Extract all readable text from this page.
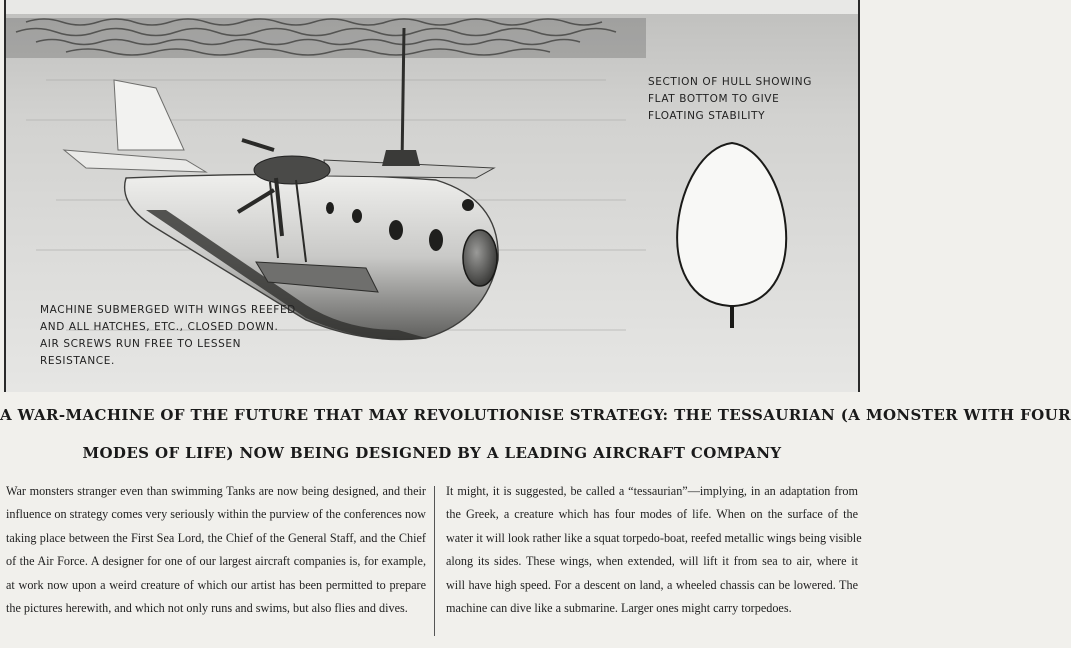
SECTION OF HULL SHOWING
FLAT BOTTOM TO GIVE
FLOATING STABILITY
MACHINE SUBMERGED WITH WINGS REEFED
AND ALL HATCHES, ETC., CLOSED DOWN.
AIR SCREWS RUN FREE TO LESSEN
RESISTANCE.
A WAR-MACHINE OF THE FUTURE THAT MAY REVOLUTIONISE STRATEGY: THE TESSAURIAN (A MONSTER WITH FOUR
MODES OF LIFE) NOW BEING DESIGNED BY A LEADING AIRCRAFT COMPANY
War monsters stranger even than swimming Tanks are now being designed, and their
influence on strategy comes very seriously within the purview of the conferences now
taking place between the First Sea Lord, the Chief of the General Staff, and the Chief
of the Air Force. A designer for one of our largest aircraft companies is, for example,
at work now upon a weird creature of which our artist has been permitted to prepare
the pictures herewith, and which not only runs and swims, but also flies and dives.
It might, it is suggested, be called a “tessaurian”—implying, in an adaptation from
the Greek, a creature which has four modes of life. When on the surface of the
water it will look rather like a squat torpedo-boat, reefed metallic wings being visible
along its sides. These wings, when extended, will lift it from sea to air, where it
will have high speed. For a descent on land, a wheeled chassis can be lowered. The
machine can dive like a submarine. Larger ones might carry torpedoes.
